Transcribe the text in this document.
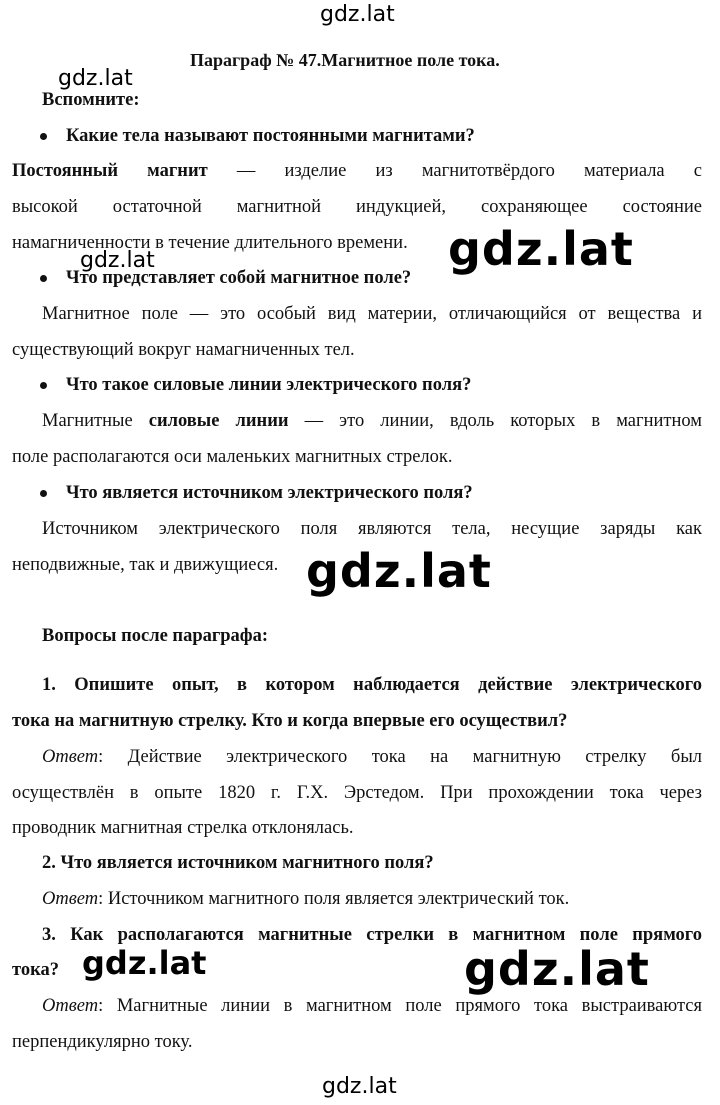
gdz.lat
Параграф № 47.Магнитное поле тока.
gdz.lat
Вспомните:
Какие тела называют постоянными магнитами?
Постоянный магнит — изделие из магнитотвёрдого материала с
высокой остаточной магнитной индукцией, сохраняющее состояние
намагниченности в течение длительного времени. gdz.lat
gdz.lat
Что представляет собой магнитное поле?
Магнитное поле — это особый вид материи, отличающийся от вещества и
существующий вокруг намагниченных тел.
Что такое силовые линии электрического поля?
Магнитные силовые линии — это линии, вдоль которых в магнитном
поле располагаются оси маленьких магнитных стрелок.
Что является источником электрического поля?
Источником электрического поля являются тела, несущие заряды как
неподвижные, так и движущиеся. gdz.lat
Вопросы после параграфа:
1. Опишите опыт, в котором наблюдается действие электрического
тока на магнитную стрелку. Кто и когда впервые его осуществил?
Ответ: Действие электрического тока на магнитную стрелку был
осуществлён в опыте 1820 г. Г.Х. Эрстедом. При прохождении тока через
проводник магнитная стрелка отклонялась.
2. Что является источником магнитного поля?
Ответ: Источником магнитного поля является электрический ток.
3. Как располагаются магнитные стрелки в магнитном поле прямого
тока? gdz.lat	gdz.lat
Ответ: Магнитные линии в магнитном поле прямого тока выстраиваются
перпендикулярно току.
gdz.lat
